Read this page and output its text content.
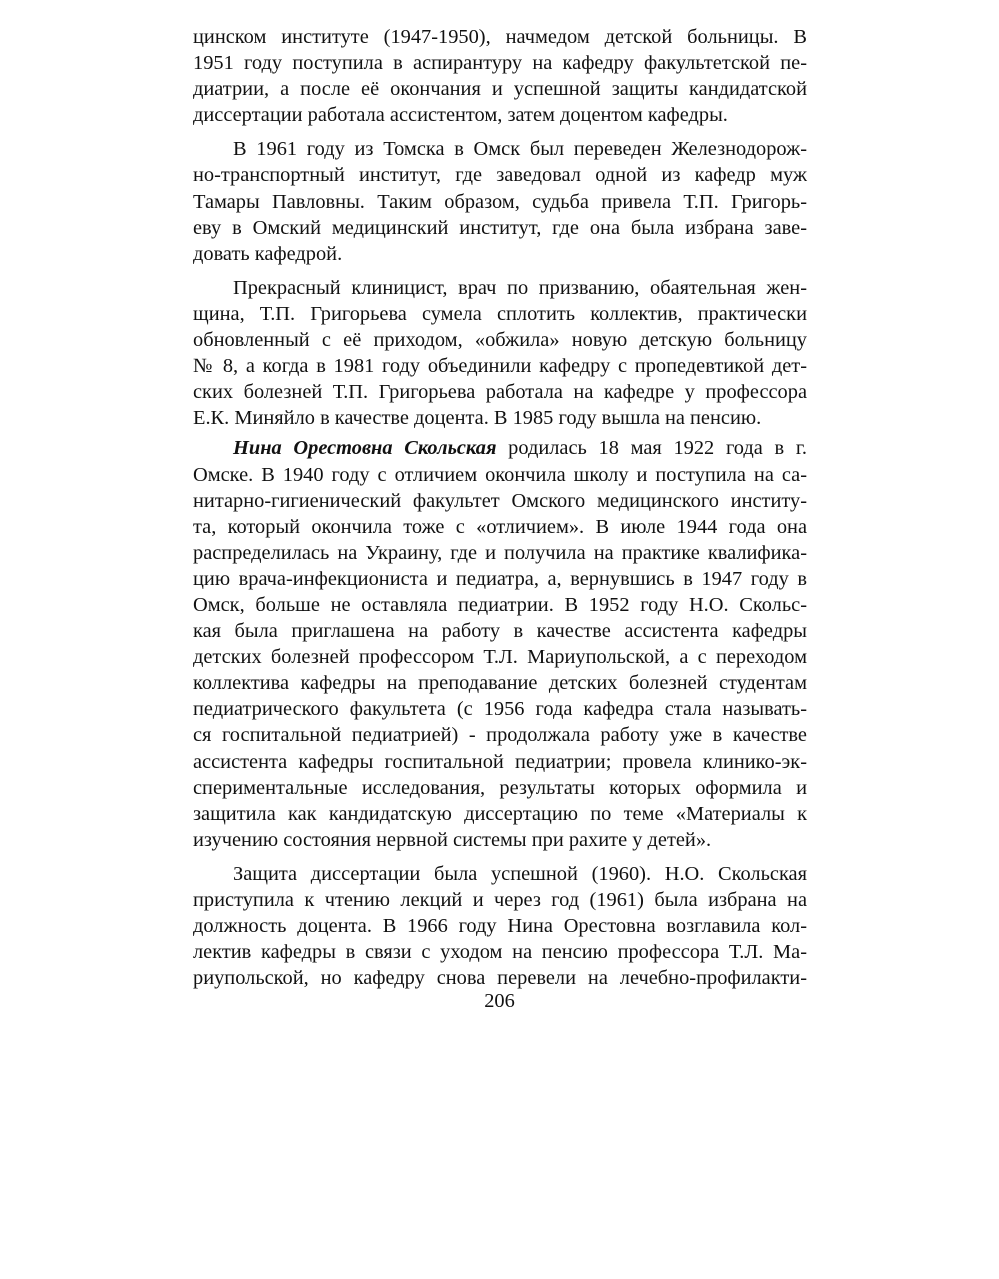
цинском институте (1947-1950), начмедом детской больницы. В
1951 году поступила в аспирантуру на кафедру факультетской пе-
диатрии, а после её окончания и успешной защиты кандидатской
диссертации работала ассистентом, затем доцентом кафедры.
В 1961 году из Томска в Омск был переведен Железнодорож-
но-транспортный институт, где заведовал одной из кафедр муж
Тамары Павловны. Таким образом, судьба привела Т.П. Григорь-
еву в Омский медицинский институт, где она была избрана заве-
довать кафедрой.
Прекрасный клиницист, врач по призванию, обаятельная жен-
щина, Т.П. Григорьева сумела сплотить коллектив, практически
обновленный с её приходом, «обжила» новую детскую больницу
№ 8, а когда в 1981 году объединили кафедру с пропедевтикой дет-
ских болезней Т.П. Григорьева работала на кафедре у профессора
Е.К. Миняйло в качестве доцента. В 1985 году вышла на пенсию.
Нина Орестовна Скольская родилась 18 мая 1922 года в г.
Омске. В 1940 году с отличием окончила школу и поступила на са-
нитарно-гигиенический факультет Омского медицинского институ-
та, который окончила тоже с «отличием». В июле 1944 года она
распределилась на Украину, где и получила на практике квалифика-
цию врача-инфекциониста и педиатра, а, вернувшись в 1947 году в
Омск, больше не оставляла педиатрии. В 1952 году Н.О. Скольс-
кая была приглашена на работу в качестве ассистента кафедры
детских болезней профессором Т.Л. Мариупольской, а с переходом
коллектива кафедры на преподавание детских болезней студентам
педиатрического факультета (с 1956 года кафедра стала называть-
ся госпитальной педиатрией) - продолжала работу уже в качестве
ассистента кафедры госпитальной педиатрии; провела клинико-эк-
спериментальные исследования, результаты которых оформила и
защитила как кандидатскую диссертацию по теме «Материалы к
изучению состояния нервной системы при рахите у детей».
Защита диссертации была успешной (1960). Н.О. Скольская
приступила к чтению лекций и через год (1961) была избрана на
должность доцента. В 1966 году Нина Орестовна возглавила кол-
лектив кафедры в связи с уходом на пенсию профессора Т.Л. Ма-
риупольской, но кафедру снова перевели на лечебно-профилакти-
206
